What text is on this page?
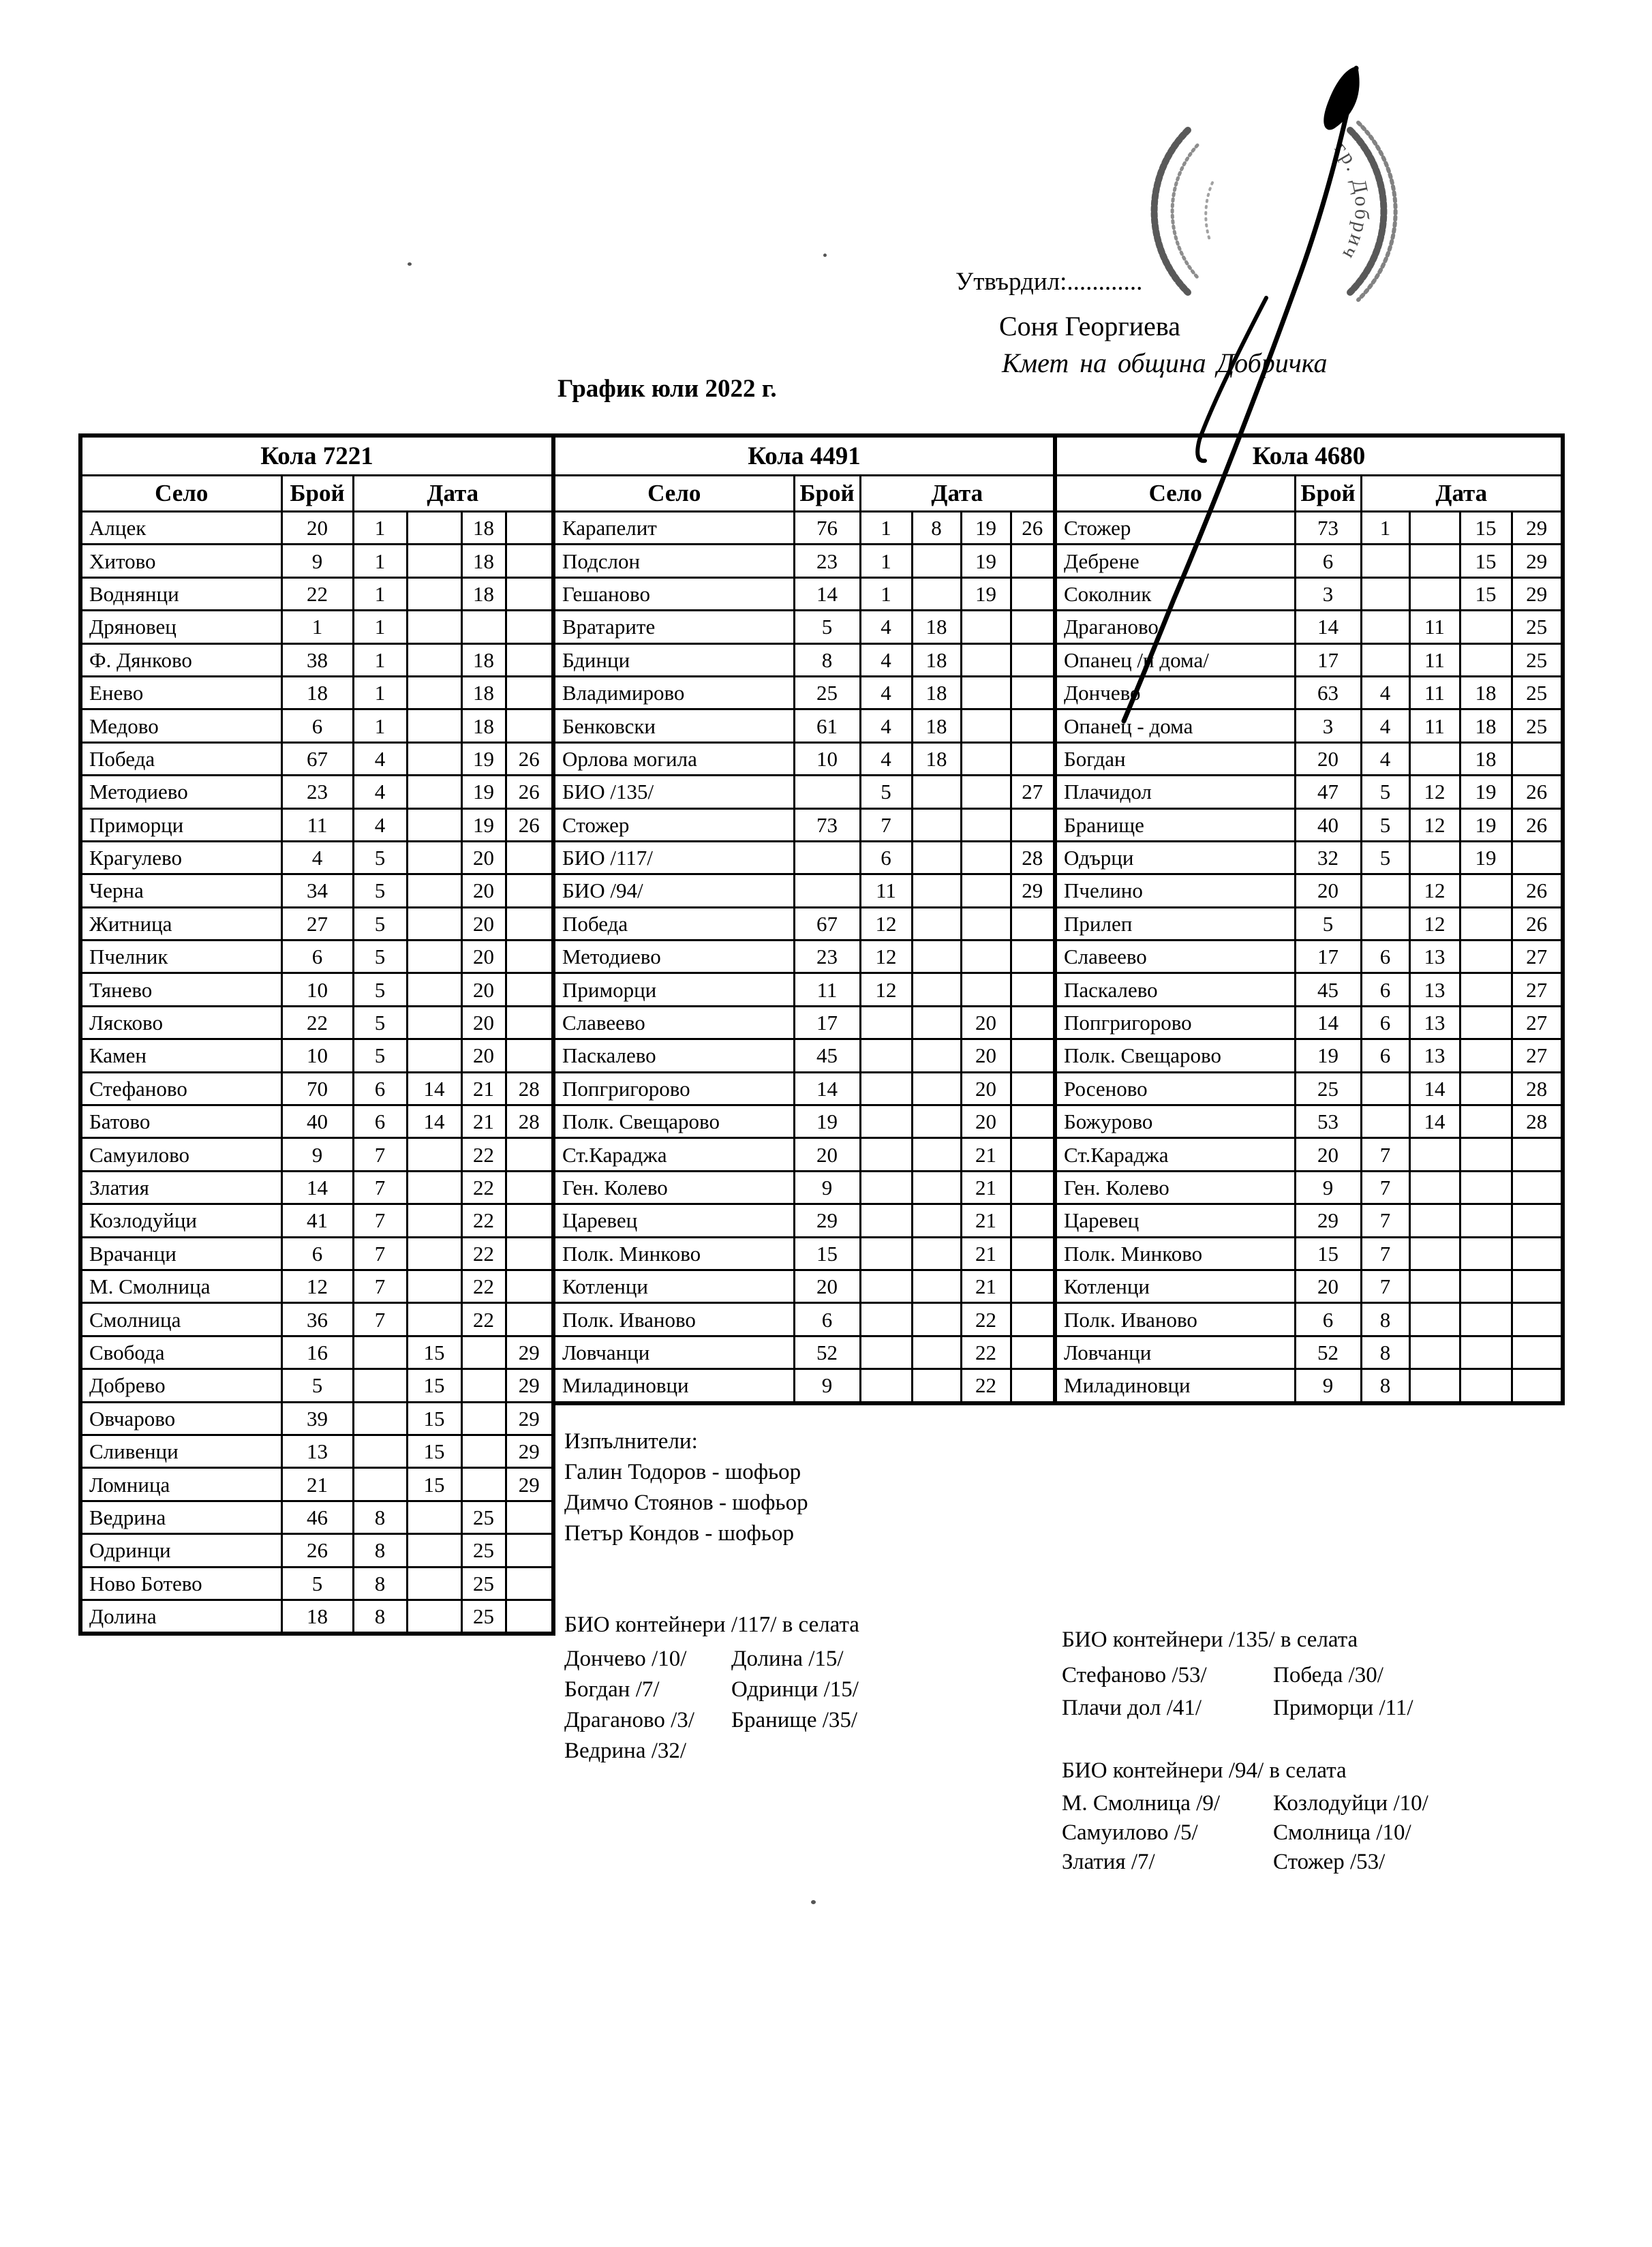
Утвърдил:............
Соня Георгиева
Кмет на община Добричка
График юли 2022 г.
Кола 7221					
Село	Брой	Дата			
Алцек	20	1		18	
Хитово	9	1		18	
Воднянци	22	1		18	
Дряновец	1	1			
Ф. Дянково	38	1		18	
Енево	18	1		18	
Медово	6	1		18	
Победа	67	4		19	26
Методиево	23	4		19	26
Приморци	11	4		19	26
Крагулево	4	5		20	
Черна	34	5		20	
Житница	27	5		20	
Пчелник	6	5		20	
Тянево	10	5		20	
Лясково	22	5		20	
Камен	10	5		20	
Стефаново	70	6	14	21	28
Батово	40	6	14	21	28
Самуилово	9	7		22	
Златия	14	7		22	
Козлодуйци	41	7		22	
Врачанци	6	7		22	
М. Смолница	12	7		22	
Смолница	36	7		22	
Свобода	16		15		29
Добрево	5		15		29
Овчарово	39		15		29
Сливенци	13		15		29
Ломница	21		15		29
Ведрина	46	8		25	
Одринци	26	8		25	
Ново Ботево	5	8		25	
Долина	18	8		25	
Кола 4491					
Село	Брой	Дата			
Карапелит	76	1	8	19	26
Подслон	23	1		19	
Гешаново	14	1		19	
Вратарите	5	4	18		
Бдинци	8	4	18		
Владимирово	25	4	18		
Бенковски	61	4	18		
Орлова могила	10	4	18		
БИО /135/		5			27
Стожер	73	7			
БИО /117/		6			28
БИО /94/		11			29
Победа	67	12			
Методиево	23	12			
Приморци	11	12			
Славеево	17			20	
Паскалево	45			20	
Попгригорово	14			20	
Полк. Свещарово	19			20	
Ст.Караджа	20			21	
Ген. Колево	9			21	
Царевец	29			21	
Полк. Минково	15			21	
Котленци	20			21	
Полк. Иваново	6			22	
Ловчанци	52			22	
Миладиновци	9			22	
Кола 4680					
Село	Брой	Дата			
Стожер	73	1		15	29
Дебрене	6			15	29
Соколник	3			15	29
Драганово	14		11		25
Опанец /и дома/	17		11		25
Дончево	63	4	11	18	25
Опанец - дома	3	4	11	18	25
Богдан	20	4		18	
Плачидол	47	5	12	19	26
Бранище	40	5	12	19	26
Одърци	32	5		19	
Пчелино	20		12		26
Прилеп	5		12		26
Славеево	17	6	13		27
Паскалево	45	6	13		27
Попгригорово	14	6	13		27
Полк. Свещарово	19	6	13		27
Росеново	25		14		28
Божурово	53		14		28
Ст.Караджа	20	7			
Ген. Колево	9	7			
Царевец	29	7			
Полк. Минково	15	7			
Котленци	20	7			
Полк. Иваново	6	8			
Ловчанци	52	8			
Миладиновци	9	8			
Изпълнители:
Галин Тодоров - шофьор
Димчо Стоянов - шофьор
Петър Кондов - шофьор
БИО контейнери /117/ в селата
Дончево /10/
Богдан /7/
Драганово /3/
Ведрина /32/
Долина /15/
Одринци /15/
Бранище /35/
БИО контейнери /135/ в селата
Стефаново /53/
Плачи дол /41/
Победа /30/
Приморци /11/
БИО контейнери /94/ в селата
М. Смолница /9/
Самуилово /5/
Златия /7/
Козлодуйци /10/
Смолница /10/
Стожер /53/
гр. Добрич
